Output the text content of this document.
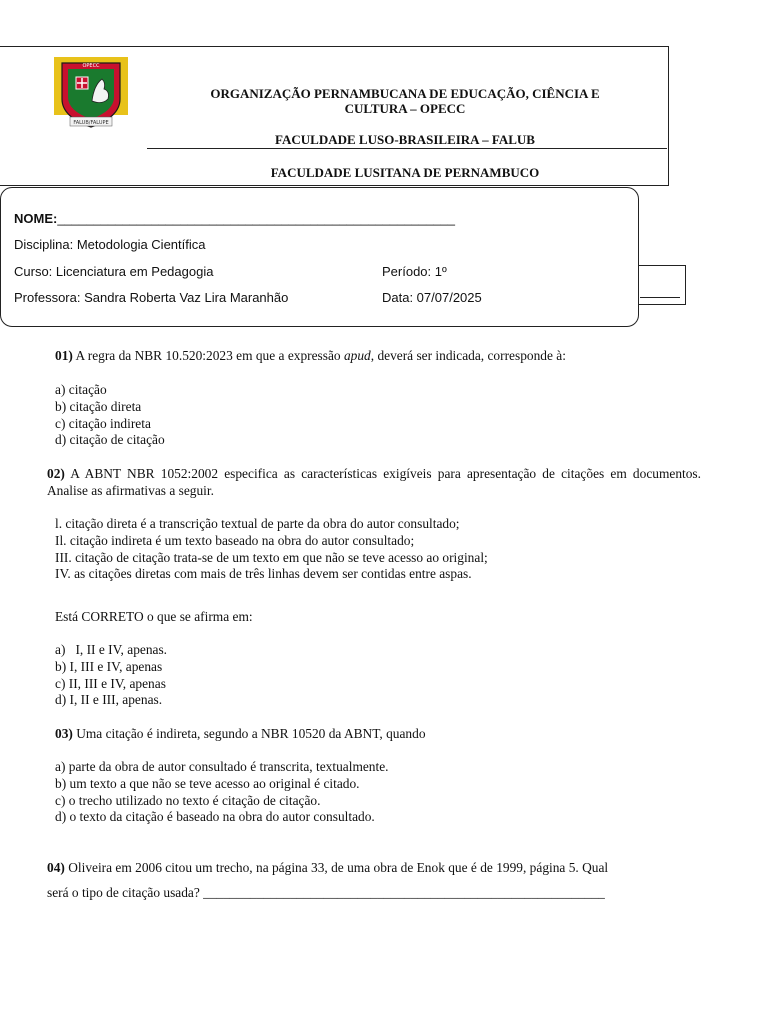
OPECC
FALUB/FALUPE
ORGANIZAÇÃO PERNAMBUCANA DE EDUCAÇÃO, CIÊNCIA E
CULTURA – OPECC
FACULDADE LUSO-BRASILEIRA – FALUB
FACULDADE LUSITANA DE PERNAMBUCO
NOME:_______________________________________________________
Disciplina: Metodologia Científica
Curso: Licenciatura em Pedagogia	Período: 1º
Professora: Sandra Roberta Vaz Lira Maranhão	Data: 07/07/2025
01) A regra da NBR 10.520:2023 em que a expressão apud, deverá ser indicada, corresponde à:
a) citação
b) citação direta
c) citação indireta
d) citação de citação
02) A ABNT NBR 1052:2002 especifica as características exigíveis para apresentação de citações em documentos. Analise as afirmativas a seguir.
l. citação direta é a transcrição textual de parte da obra do autor consultado;
Il. citação indireta é um texto baseado na obra do autor consultado;
III. citação de citação trata-se de um texto em que não se teve acesso ao original;
IV. as citações diretas com mais de três linhas devem ser contidas entre aspas.
Está CORRETO o que se afirma em:
a)   I, II e IV, apenas.
b) I, III e IV, apenas
c) II, III e IV, apenas
d) I, II e III, apenas.
03) Uma citação é indireta, segundo a NBR 10520 da ABNT, quando
a) parte da obra de autor consultado é transcrita, textualmente.
b) um texto a que não se teve acesso ao original é citado.
c) o trecho utilizado no texto é citação de citação.
d) o texto da citação é baseado na obra do autor consultado.
04) Oliveira em 2006 citou um trecho, na página 33, de uma obra de Enok que é de 1999, página 5. Qual
será o tipo de citação usada? ____________________________________________________________
